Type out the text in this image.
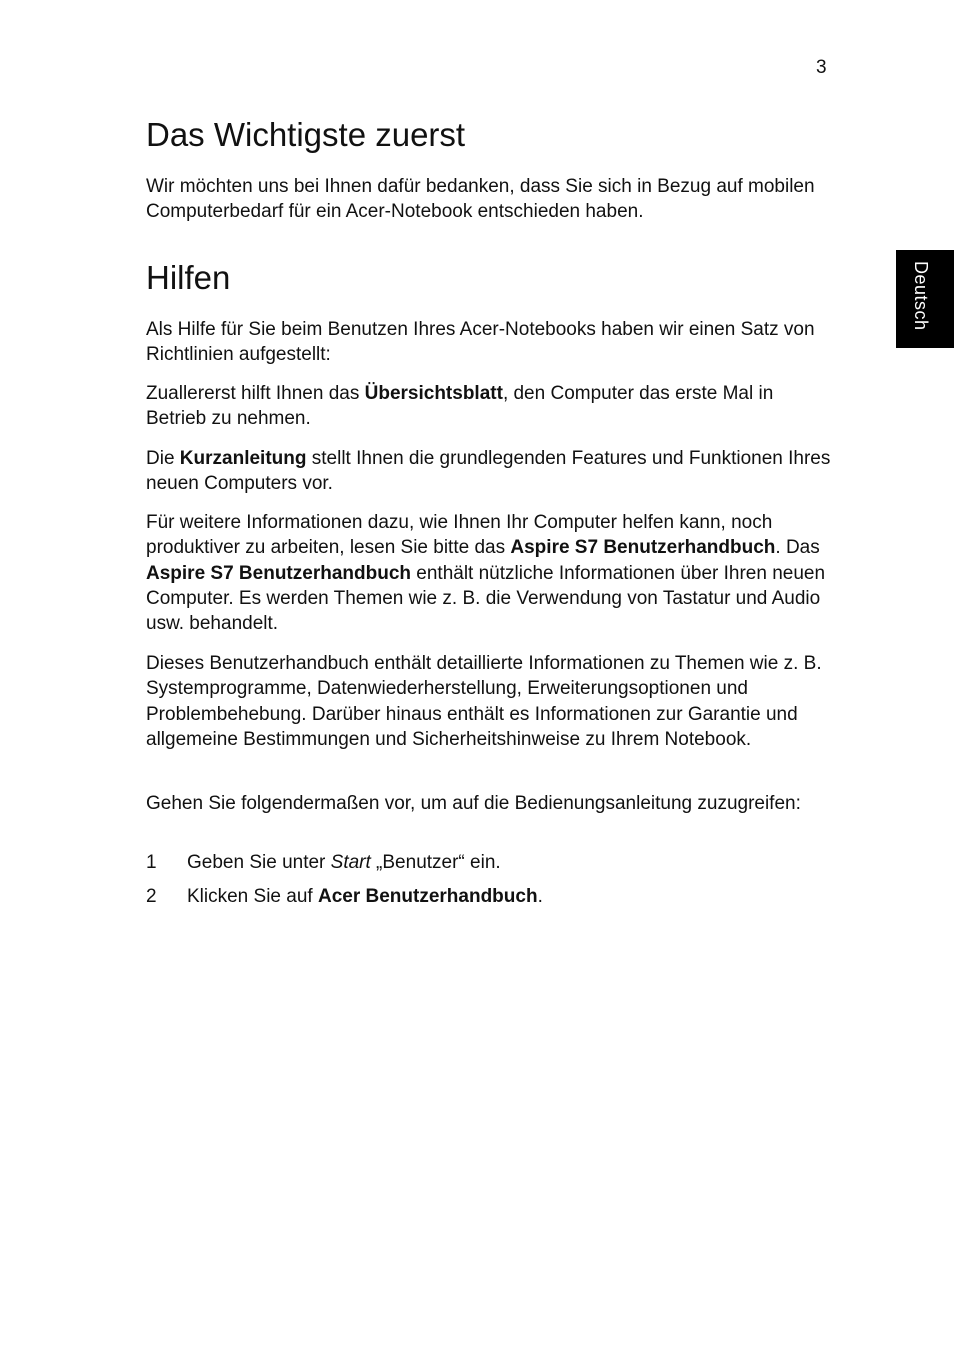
3
Deutsch
Das Wichtigste zuerst

Wir möchten uns bei Ihnen dafür bedanken, dass Sie sich in Bezug auf mobilen Computerbedarf für ein Acer-Notebook entschieden haben.

Hilfen

Als Hilfe für Sie beim Benutzen Ihres Acer-Notebooks haben wir einen Satz von Richtlinien aufgestellt:

Zuallererst hilft Ihnen das Übersichtsblatt, den Computer das erste Mal in Betrieb zu nehmen.

Die Kurzanleitung stellt Ihnen die grundlegenden Features und Funktionen Ihres neuen Computers vor.

Für weitere Informationen dazu, wie Ihnen Ihr Computer helfen kann, noch produktiver zu arbeiten, lesen Sie bitte das Aspire S7 Benutzerhandbuch. Das Aspire S7 Benutzerhandbuch enthält nützliche Informationen über Ihren neuen Computer. Es werden Themen wie z. B. die Verwendung von Tastatur und Audio usw. behandelt.

Dieses Benutzerhandbuch enthält detaillierte Informationen zu Themen wie z. B. Systemprogramme, Datenwiederherstellung, Erweiterungsoptionen und Problembehebung. Darüber hinaus enthält es Informationen zur Garantie und allgemeine Bestimmungen und Sicherheitshinweise zu Ihrem Notebook.

Gehen Sie folgendermaßen vor, um auf die Bedienungsanleitung zuzugreifen:

1 Geben Sie unter Start „Benutzer“ ein.
2 Klicken Sie auf Acer Benutzerhandbuch.
